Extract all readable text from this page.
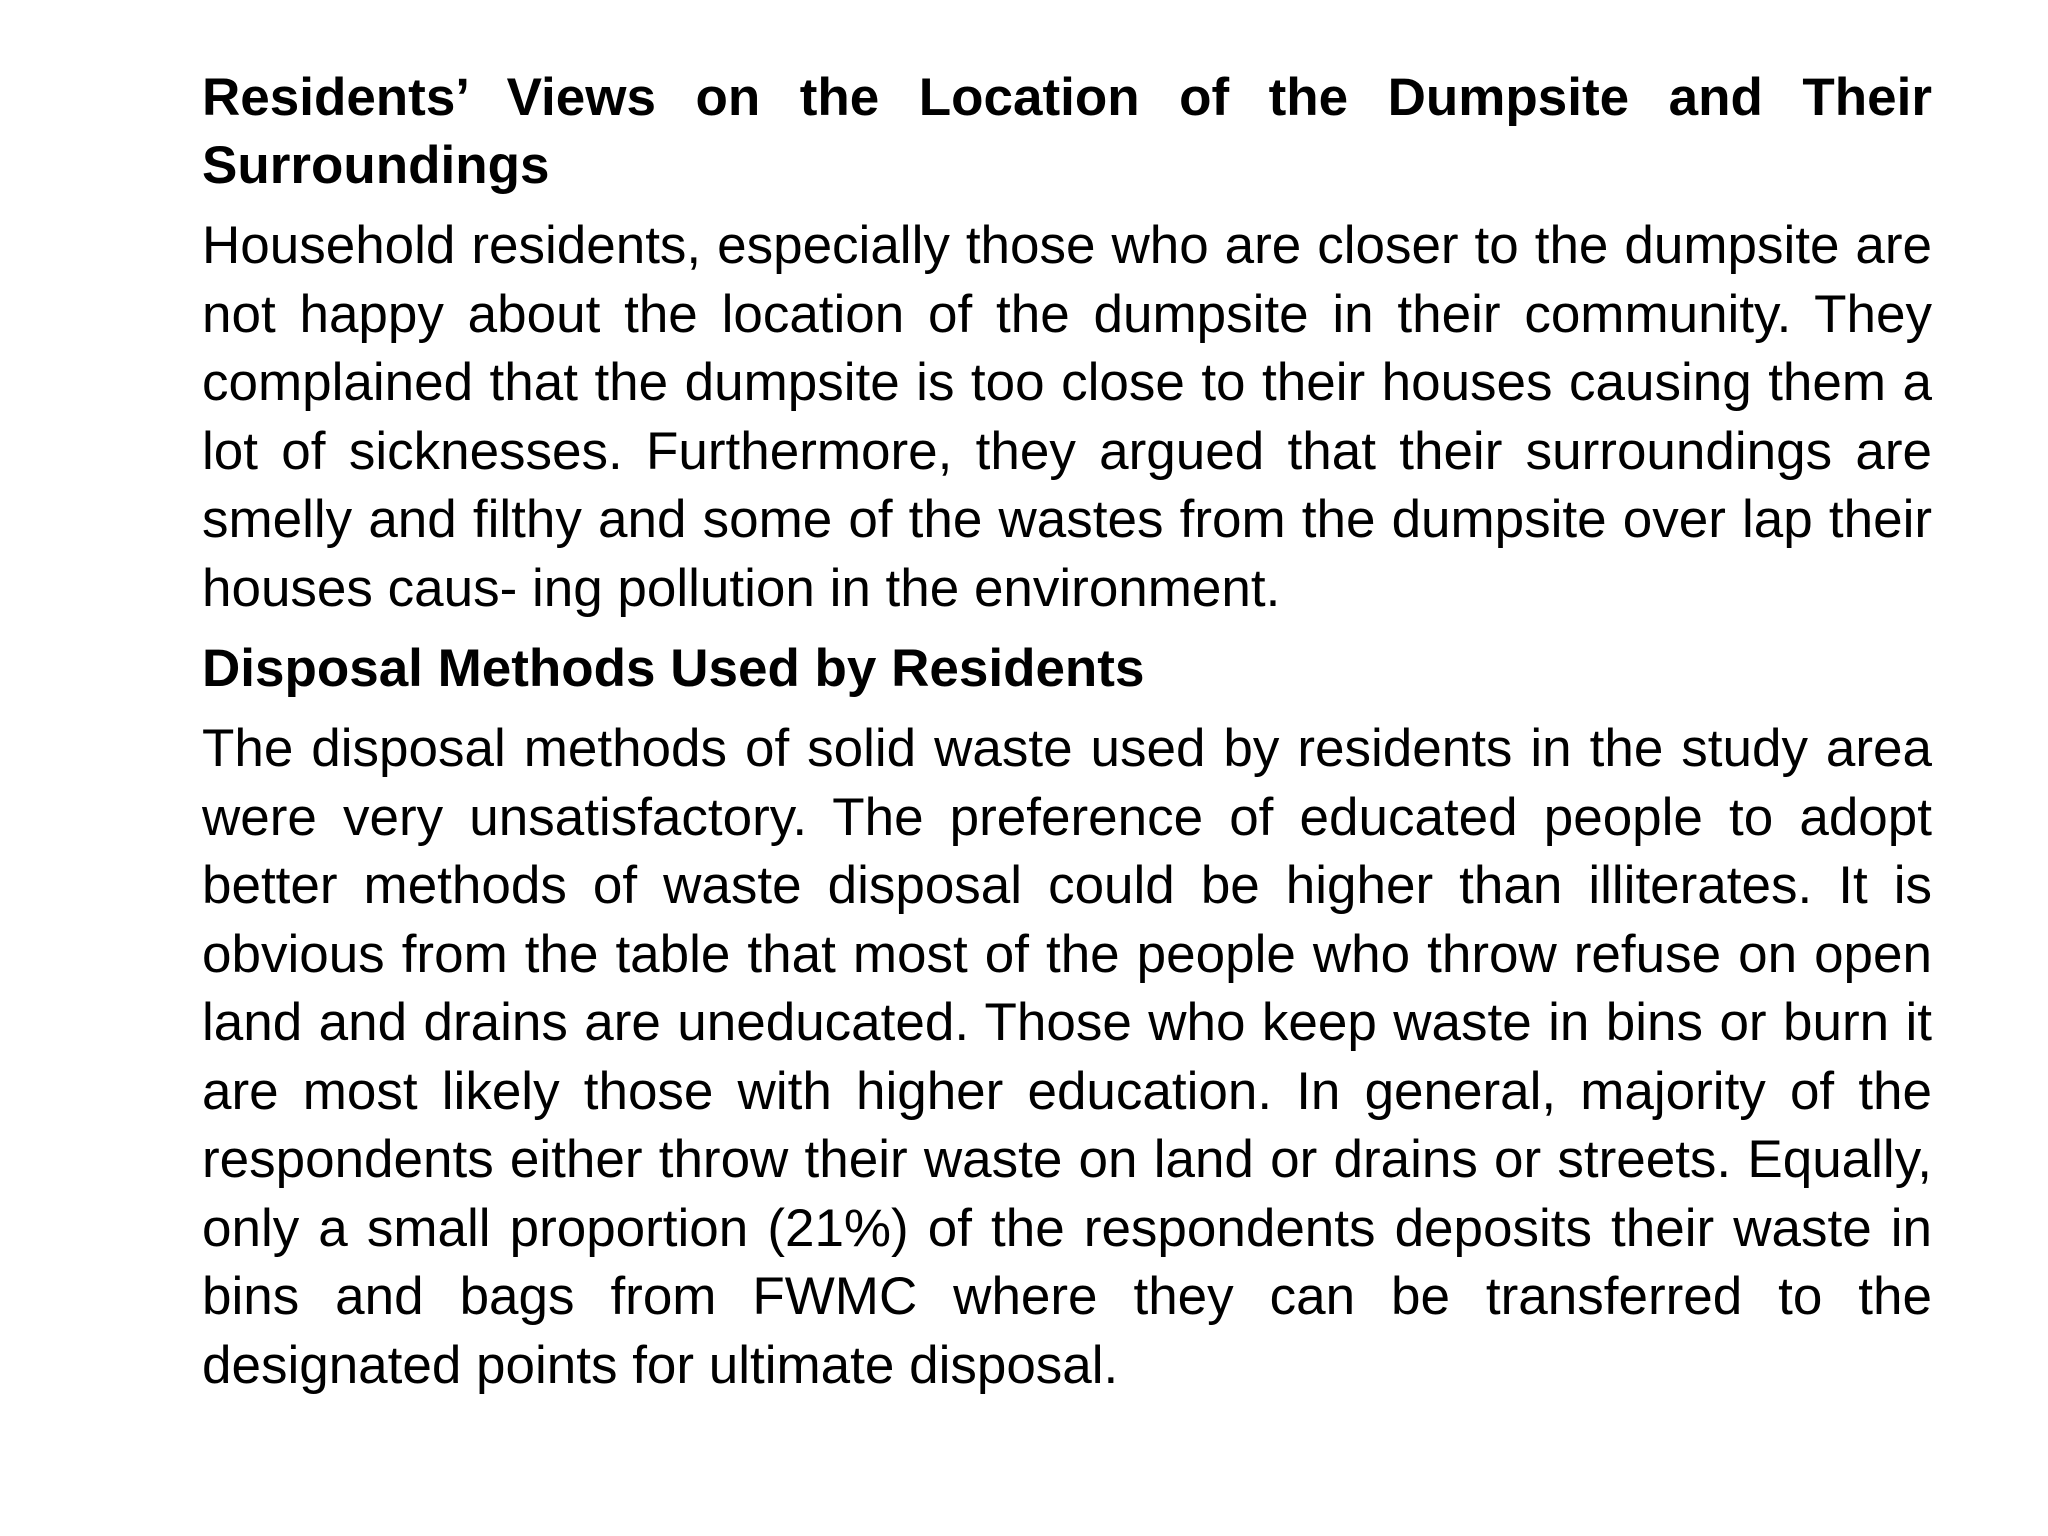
Residents’ Views on the Location of the Dumpsite and Their Surroundings

Household residents, especially those who are closer to the dumpsite are not happy about the location of the dumpsite in their community. They complained that the dumpsite is too close to their houses causing them a lot of sicknesses. Furthermore, they argued that their surroundings are smelly and filthy and some of the wastes from the dumpsite over lap their houses caus- ing pollution in the environment.

Disposal Methods Used by Residents

The disposal methods of solid waste used by residents in the study area were very unsatisfactory. The preference of educated people to adopt better methods of waste disposal could be higher than illiterates. It is obvious from the table that most of the people who throw refuse on open land and drains are uneducated. Those who keep waste in bins or burn it are most likely those with higher education. In general, majority of the respondents either throw their waste on land or drains or streets. Equally, only a small proportion (21%) of the respondents deposits their waste in bins and bags from FWMC where they can be transferred to the designated points for ultimate disposal.
